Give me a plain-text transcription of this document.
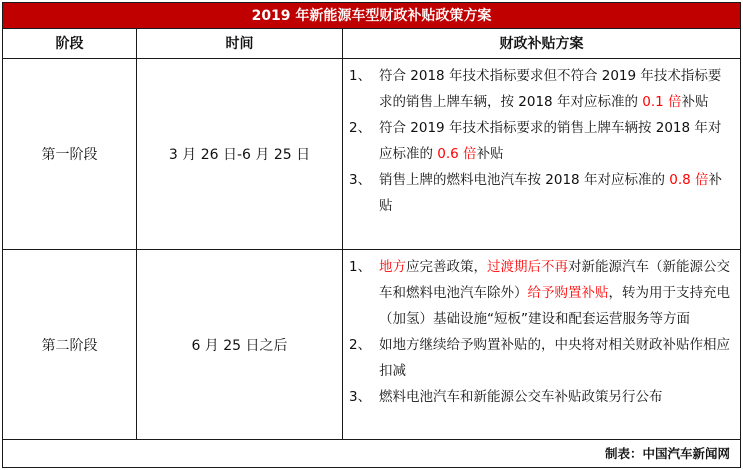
2019 年新能源车型财政补贴政策方案
阶段	时间	财政补贴方案
第一阶段	3 月 26 日-6 月 25 日
1、 符合 2018 年技术指标要求但不符合 2019 年技术指标要求的销售上牌车辆，按 2018 年对应标准的 0.1 倍补贴
2、 符合 2019 年技术指标要求的销售上牌车辆按 2018 年对应标准的 0.6 倍补贴
3、 销售上牌的燃料电池汽车按 2018 年对应标准的 0.8 倍补贴
第二阶段	6 月 25 日之后
1、 地方应完善政策，过渡期后不再对新能源汽车（新能源公交车和燃料电池汽车除外）给予购置补贴，转为用于支持充电（加氢）基础设施“短板”建设和配套运营服务等方面
2、 如地方继续给予购置补贴的，中央将对相关财政补贴作相应扣减
3、 燃料电池汽车和新能源公交车补贴政策另行公布
制表：中国汽车新闻网
